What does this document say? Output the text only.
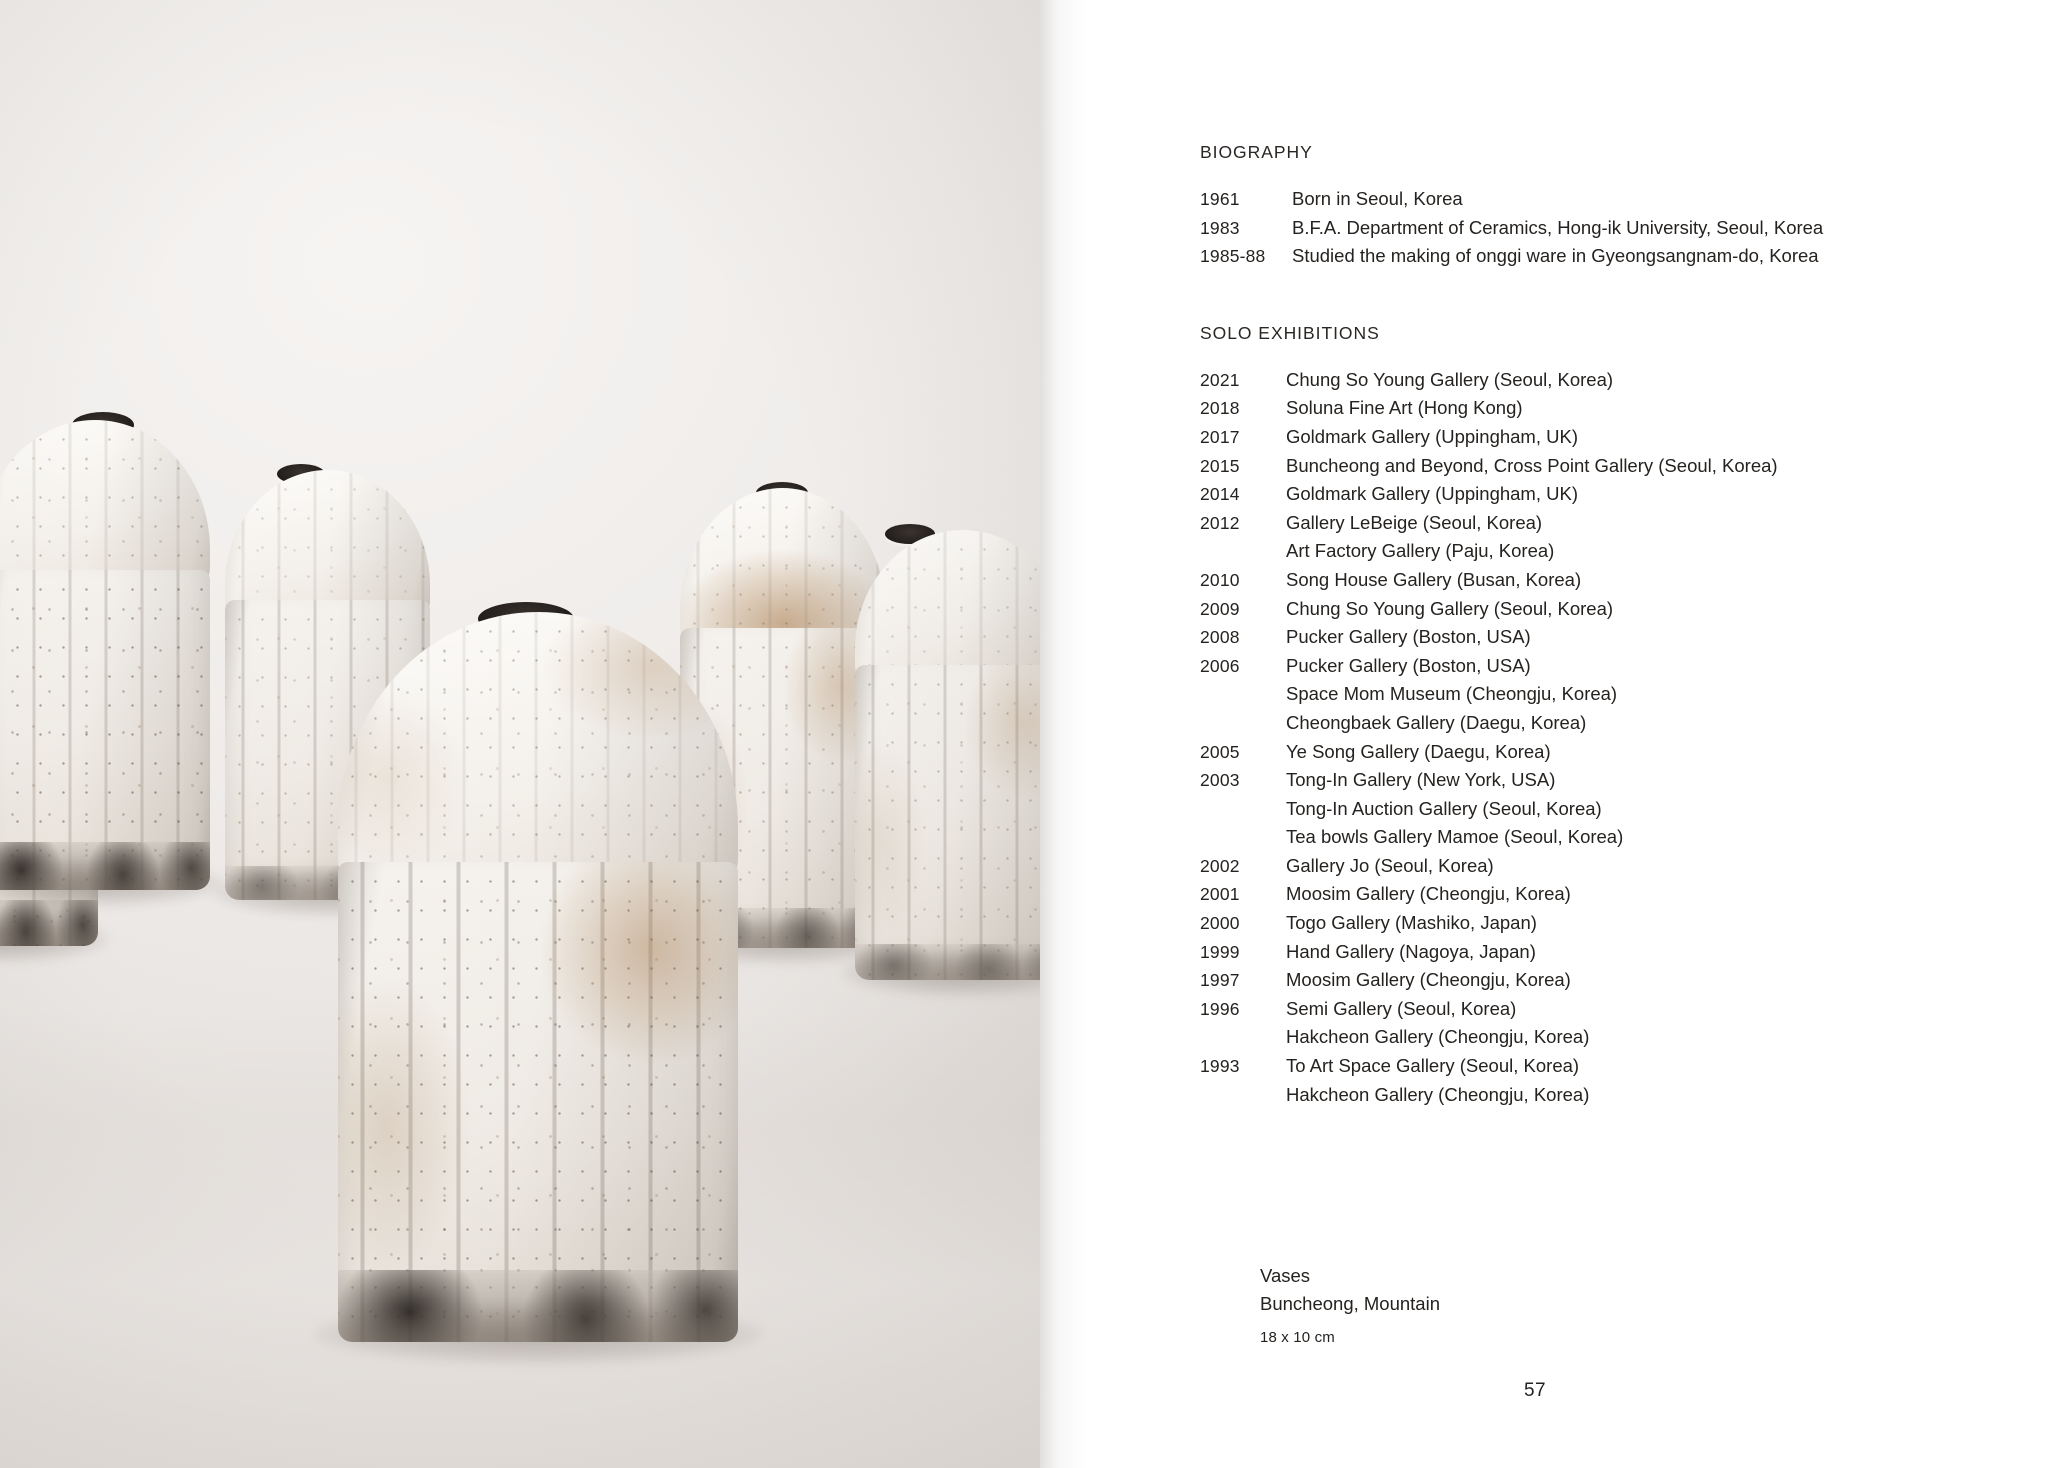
BIOGRAPHY
1961	Born in Seoul, Korea
1983	B.F.A. Department of Ceramics, Hong-ik University, Seoul, Korea
1985-88	Studied the making of onggi ware in Gyeongsangnam-do, Korea
SOLO EXHIBITIONS
2021	Chung So Young Gallery (Seoul, Korea)
2018	Soluna Fine Art (Hong Kong)
2017	Goldmark Gallery (Uppingham, UK)
2015	Buncheong and Beyond, Cross Point Gallery (Seoul, Korea)
2014	Goldmark Gallery (Uppingham, UK)
2012	Gallery LeBeige (Seoul, Korea)
Art Factory Gallery (Paju, Korea)
2010	Song House Gallery (Busan, Korea)
2009	Chung So Young Gallery (Seoul, Korea)
2008	Pucker Gallery (Boston, USA)
2006	Pucker Gallery (Boston, USA)
Space Mom Museum (Cheongju, Korea)
Cheongbaek Gallery (Daegu, Korea)
2005	Ye Song Gallery (Daegu, Korea)
2003	Tong-In Gallery (New York, USA)
Tong-In Auction Gallery (Seoul, Korea)
Tea bowls Gallery Mamoe (Seoul, Korea)
2002	Gallery Jo (Seoul, Korea)
2001	Moosim Gallery (Cheongju, Korea)
2000	Togo Gallery (Mashiko, Japan)
1999	Hand Gallery (Nagoya, Japan)
1997	Moosim Gallery (Cheongju, Korea)
1996	Semi Gallery (Seoul, Korea)
Hakcheon Gallery (Cheongju, Korea)
1993	To Art Space Gallery (Seoul, Korea)
Hakcheon Gallery (Cheongju, Korea)
Vases
Buncheong, Mountain
18 x 10 cm
57
